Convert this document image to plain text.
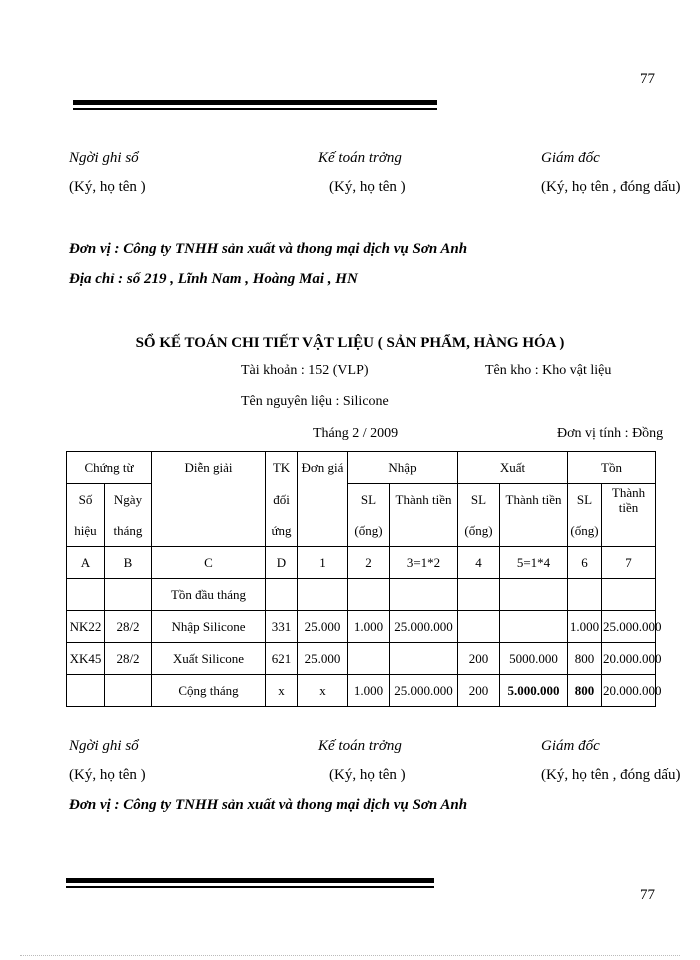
77
Ngời ghi sổ	Kế toán trởng	Giám đốc
(Ký, họ tên )	(Ký, họ tên )	(Ký, họ tên , đóng dấu)
Đơn vị : Công ty TNHH sản xuất và thong mại dịch vụ Sơn Anh
Địa chỉ : số 219 , Lĩnh Nam , Hoàng Mai , HN
SỔ KẾ TOÁN CHI TIẾT VẬT LIỆU ( SẢN PHẨM, HÀNG HÓA )
Tài khoản : 152 (VLP)	Tên kho : Kho vật liệu
Tên nguyên liệu : Silicone
Tháng 2 / 2009	Đơn vị tính : Đồng
Chứng từ		Diễn giải	TK	Đơn giá	Nhập		Xuất		Tồn	
Số	Ngày		đối		SL	Thành tiền	SL	Thành tiền	SL	Thành tiền
hiệu	tháng		ứng		(ống)		(ống)		(ống)	
A	B	C	D	1	2	3=1*2	4	5=1*4	6	7
		Tồn đầu tháng								
NK22	28/2	Nhập Silicone	331	25.000	1.000	25.000.000			1.000	25.000.000
XK45	28/2	Xuất Silicone	621	25.000			200	5000.000	800	20.000.000
		Cộng tháng	x	x	1.000	25.000.000	200	5.000.000	800	20.000.000
Ngời ghi sổ	Kế toán trởng	Giám đốc
(Ký, họ tên )	(Ký, họ tên )	(Ký, họ tên , đóng dấu)
Đơn vị : Công ty TNHH sản xuất và thong mại dịch vụ Sơn Anh
77
